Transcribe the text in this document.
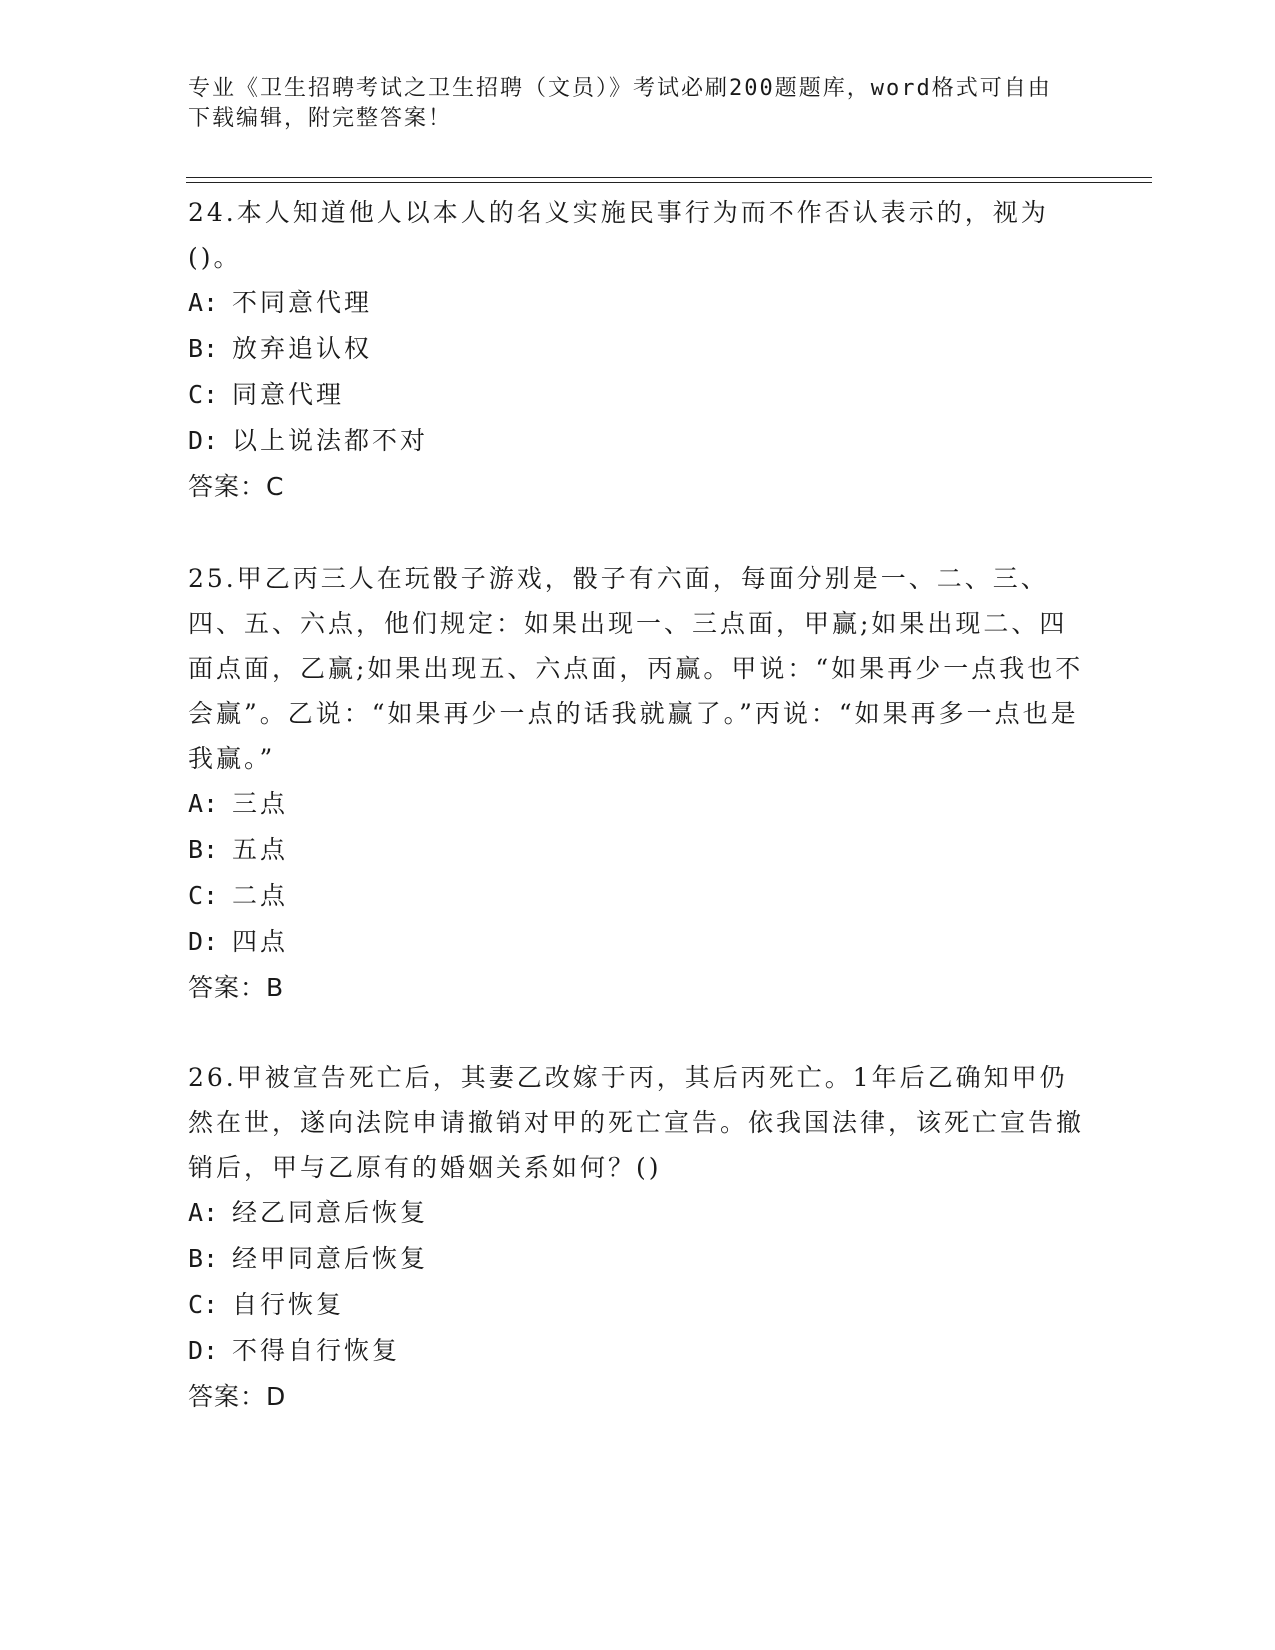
专业《卫生招聘考试之卫生招聘（文员）》考试必刷200题题库，word格式可自由下载编辑，附完整答案！

24.本人知道他人以本人的名义实施民事行为而不作否认表示的，视为()。

A: 不同意代理

B: 放弃追认权

C: 同意代理

D: 以上说法都不对

答案：C

25.甲乙丙三人在玩骰子游戏，骰子有六面，每面分别是一、二、三、四、五、六点，他们规定：如果出现一、三点面，甲赢;如果出现二、四面点面，乙赢;如果出现五、六点面，丙赢。甲说：“如果再少一点我也不会赢”。乙说：“如果再少一点的话我就赢了。”丙说：“如果再多一点也是我赢。”

A: 三点

B: 五点

C: 二点

D: 四点

答案：B

26.甲被宣告死亡后，其妻乙改嫁于丙，其后丙死亡。1年后乙确知甲仍然在世，遂向法院申请撤销对甲的死亡宣告。依我国法律，该死亡宣告撤销后，甲与乙原有的婚姻关系如何？()

A: 经乙同意后恢复

B: 经甲同意后恢复

C: 自行恢复

D: 不得自行恢复

答案：D
